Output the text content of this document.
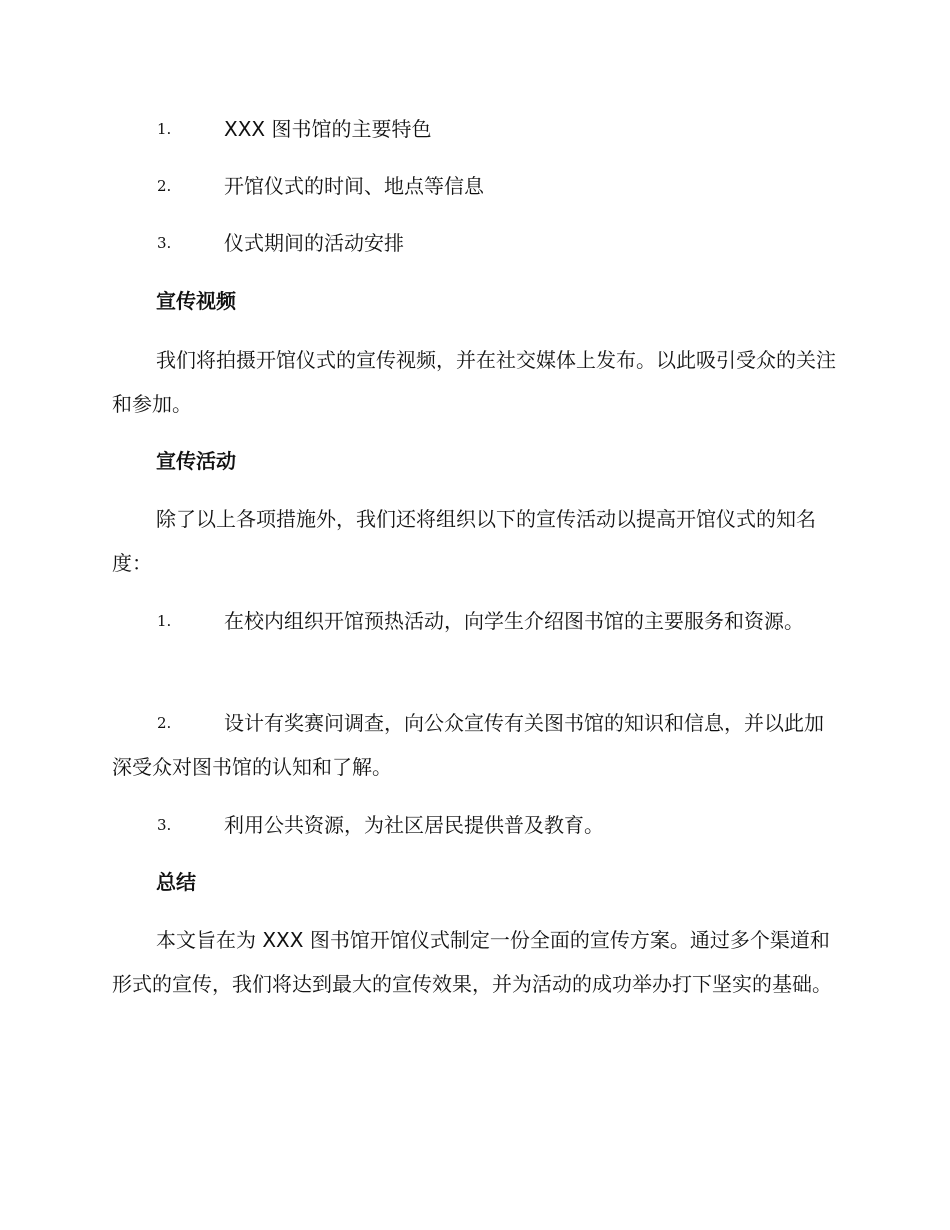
1.	XXX 图书馆的主要特色
2.	开馆仪式的时间、地点等信息
3.	仪式期间的活动安排
宣传视频
我们将拍摄开馆仪式的宣传视频，并在社交媒体上发布。以此吸引受众的关注和参加。
宣传活动
除了以上各项措施外，我们还将组织以下的宣传活动以提高开馆仪式的知名度：
1.	在校内组织开馆预热活动，向学生介绍图书馆的主要服务和资源。
2.	设计有奖赛问调查，向公众宣传有关图书馆的知识和信息，并以此加深受众对图书馆的认知和了解。
3.	利用公共资源，为社区居民提供普及教育。
总结
本文旨在为 XXX 图书馆开馆仪式制定一份全面的宣传方案。通过多个渠道和形式的宣传，我们将达到最大的宣传效果，并为活动的成功举办打下坚实的基础。
